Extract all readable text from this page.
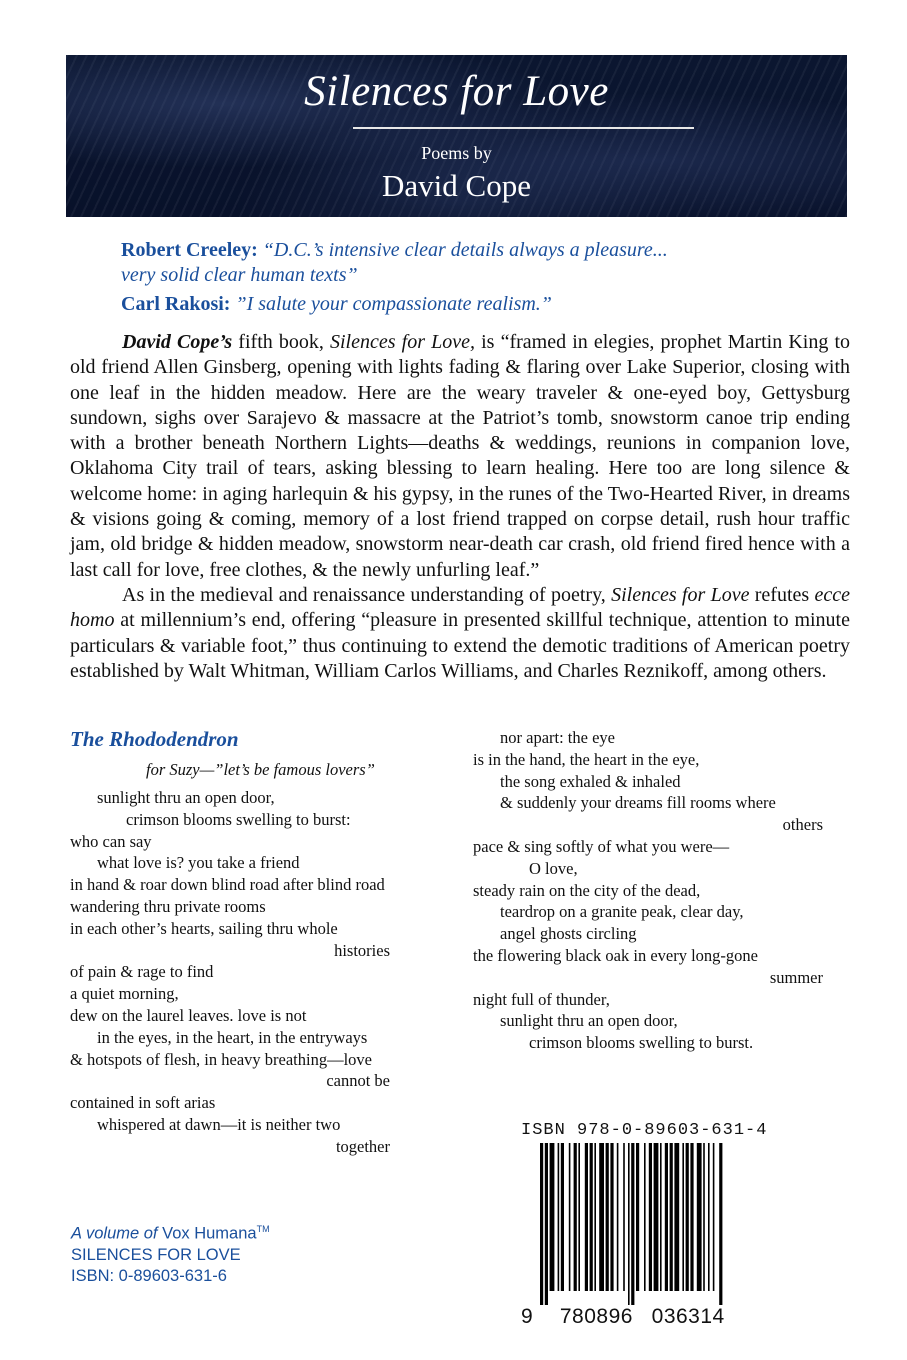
Silences for Love
Poems by
David Cope
Robert Creeley: “D.C.’s intensive clear details always a pleasure...
very solid clear human texts”
Carl Rakosi: ”I salute your compassionate realism.”

David Cope’s fifth book, Silences for Love, is “framed in elegies, prophet Martin King to old friend Allen Ginsberg, opening with lights fading & flaring over Lake Superior, closing with one leaf in the hidden meadow. Here are the weary traveler & one-eyed boy, Gettysburg sundown, sighs over Sarajevo & massacre at the Patriot’s tomb, snowstorm canoe trip ending with a brother beneath Northern Lights—deaths & weddings, reunions in companion love, Oklahoma City trail of tears, asking blessing to learn healing. Here too are long silence & welcome home: in aging harlequin & his gypsy, in the runes of the Two-Hearted River, in dreams & visions going & coming, memory of a lost friend trapped on corpse detail, rush hour traffic jam, old bridge & hidden meadow, snowstorm near-death car crash, old friend fired hence with a last call for love, free clothes, & the newly unfurling leaf.”

As in the medieval and renaissance understanding of poetry, Silences for Love refutes ecce homo at millennium’s end, offering “pleasure in presented skillful technique, attention to minute particulars & variable foot,” thus continuing to extend the demotic traditions of American poetry established by Walt Whitman, William Carlos Williams, and Charles Reznikoff, among others.

The Rhododendron
for Suzy—”let’s be famous lovers”
sunlight thru an open door,
crimson blooms swelling to burst:
who can say
what love is? you take a friend
in hand & roar down blind road after blind road
wandering thru private rooms
in each other’s hearts, sailing thru whole
histories
of pain & rage to find
a quiet morning,
dew on the laurel leaves. love is not
in the eyes, in the heart, in the entryways
& hotspots of flesh, in heavy breathing—love
cannot be
contained in soft arias
whispered at dawn—it is neither two
together
nor apart: the eye
is in the hand, the heart in the eye,
the song exhaled & inhaled
& suddenly your dreams fill rooms where
others
pace & sing softly of what you were—
O love,
steady rain on the city of the dead,
teardrop on a granite peak, clear day,
angel ghosts circling
the flowering black oak in every long-gone
summer
night full of thunder,
sunlight thru an open door,
crimson blooms swelling to burst.
ISBN 978-0-89603-631-4
9 780896 036314
A volume of Vox Humana™
SILENCES FOR LOVE
ISBN: 0-89603-631-6
